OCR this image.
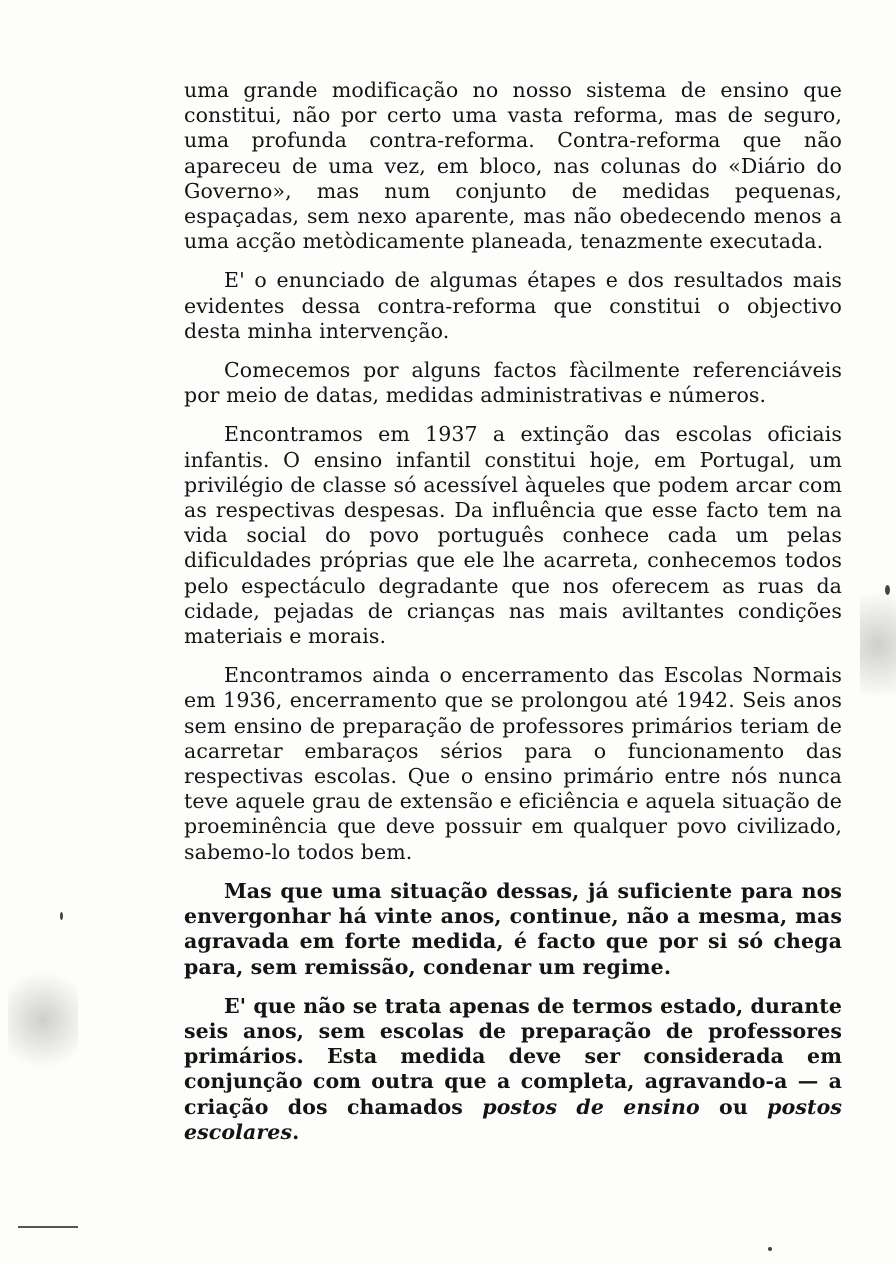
uma grande modificação no nosso sistema de ensino que constitui, não por certo uma vasta reforma, mas de seguro, uma profunda contra-reforma. Contra-reforma que não apareceu de uma vez, em bloco, nas colunas do «Diário do Governo», mas num conjunto de medidas pequenas, espaçadas, sem nexo aparente, mas não obedecendo menos a uma acção metòdicamente planeada, tenazmente executada.

E' o enunciado de algumas étapes e dos resultados mais evidentes dessa contra-reforma que constitui o objectivo desta minha intervenção.

Comecemos por alguns factos fàcilmente referenciáveis por meio de datas, medidas administrativas e números.

Encontramos em 1937 a extinção das escolas oficiais infantis. O ensino infantil constitui hoje, em Portugal, um privilégio de classe só acessível àqueles que podem arcar com as respectivas despesas. Da influência que esse facto tem na vida social do povo português conhece cada um pelas dificuldades próprias que ele lhe acarreta, conhecemos todos pelo espectáculo degradante que nos oferecem as ruas da cidade, pejadas de crianças nas mais aviltantes condições materiais e morais.

Encontramos ainda o encerramento das Escolas Normais em 1936, encerramento que se prolongou até 1942. Seis anos sem ensino de preparação de professores primários teriam de acarretar embaraços sérios para o funcionamento das respectivas escolas. Que o ensino primário entre nós nunca teve aquele grau de extensão e eficiência e aquela situação de proeminência que deve possuir em qualquer povo civilizado, sabemo-lo todos bem.

Mas que uma situação dessas, já suficiente para nos envergonhar há vinte anos, continue, não a mesma, mas agravada em forte medida, é facto que por si só chega para, sem remissão, condenar um regime.

E' que não se trata apenas de termos estado, durante seis anos, sem escolas de preparação de professores primários. Esta medida deve ser considerada em conjunção com outra que a completa, agravando-a — a criação dos chamados postos de ensino ou postos escolares.
